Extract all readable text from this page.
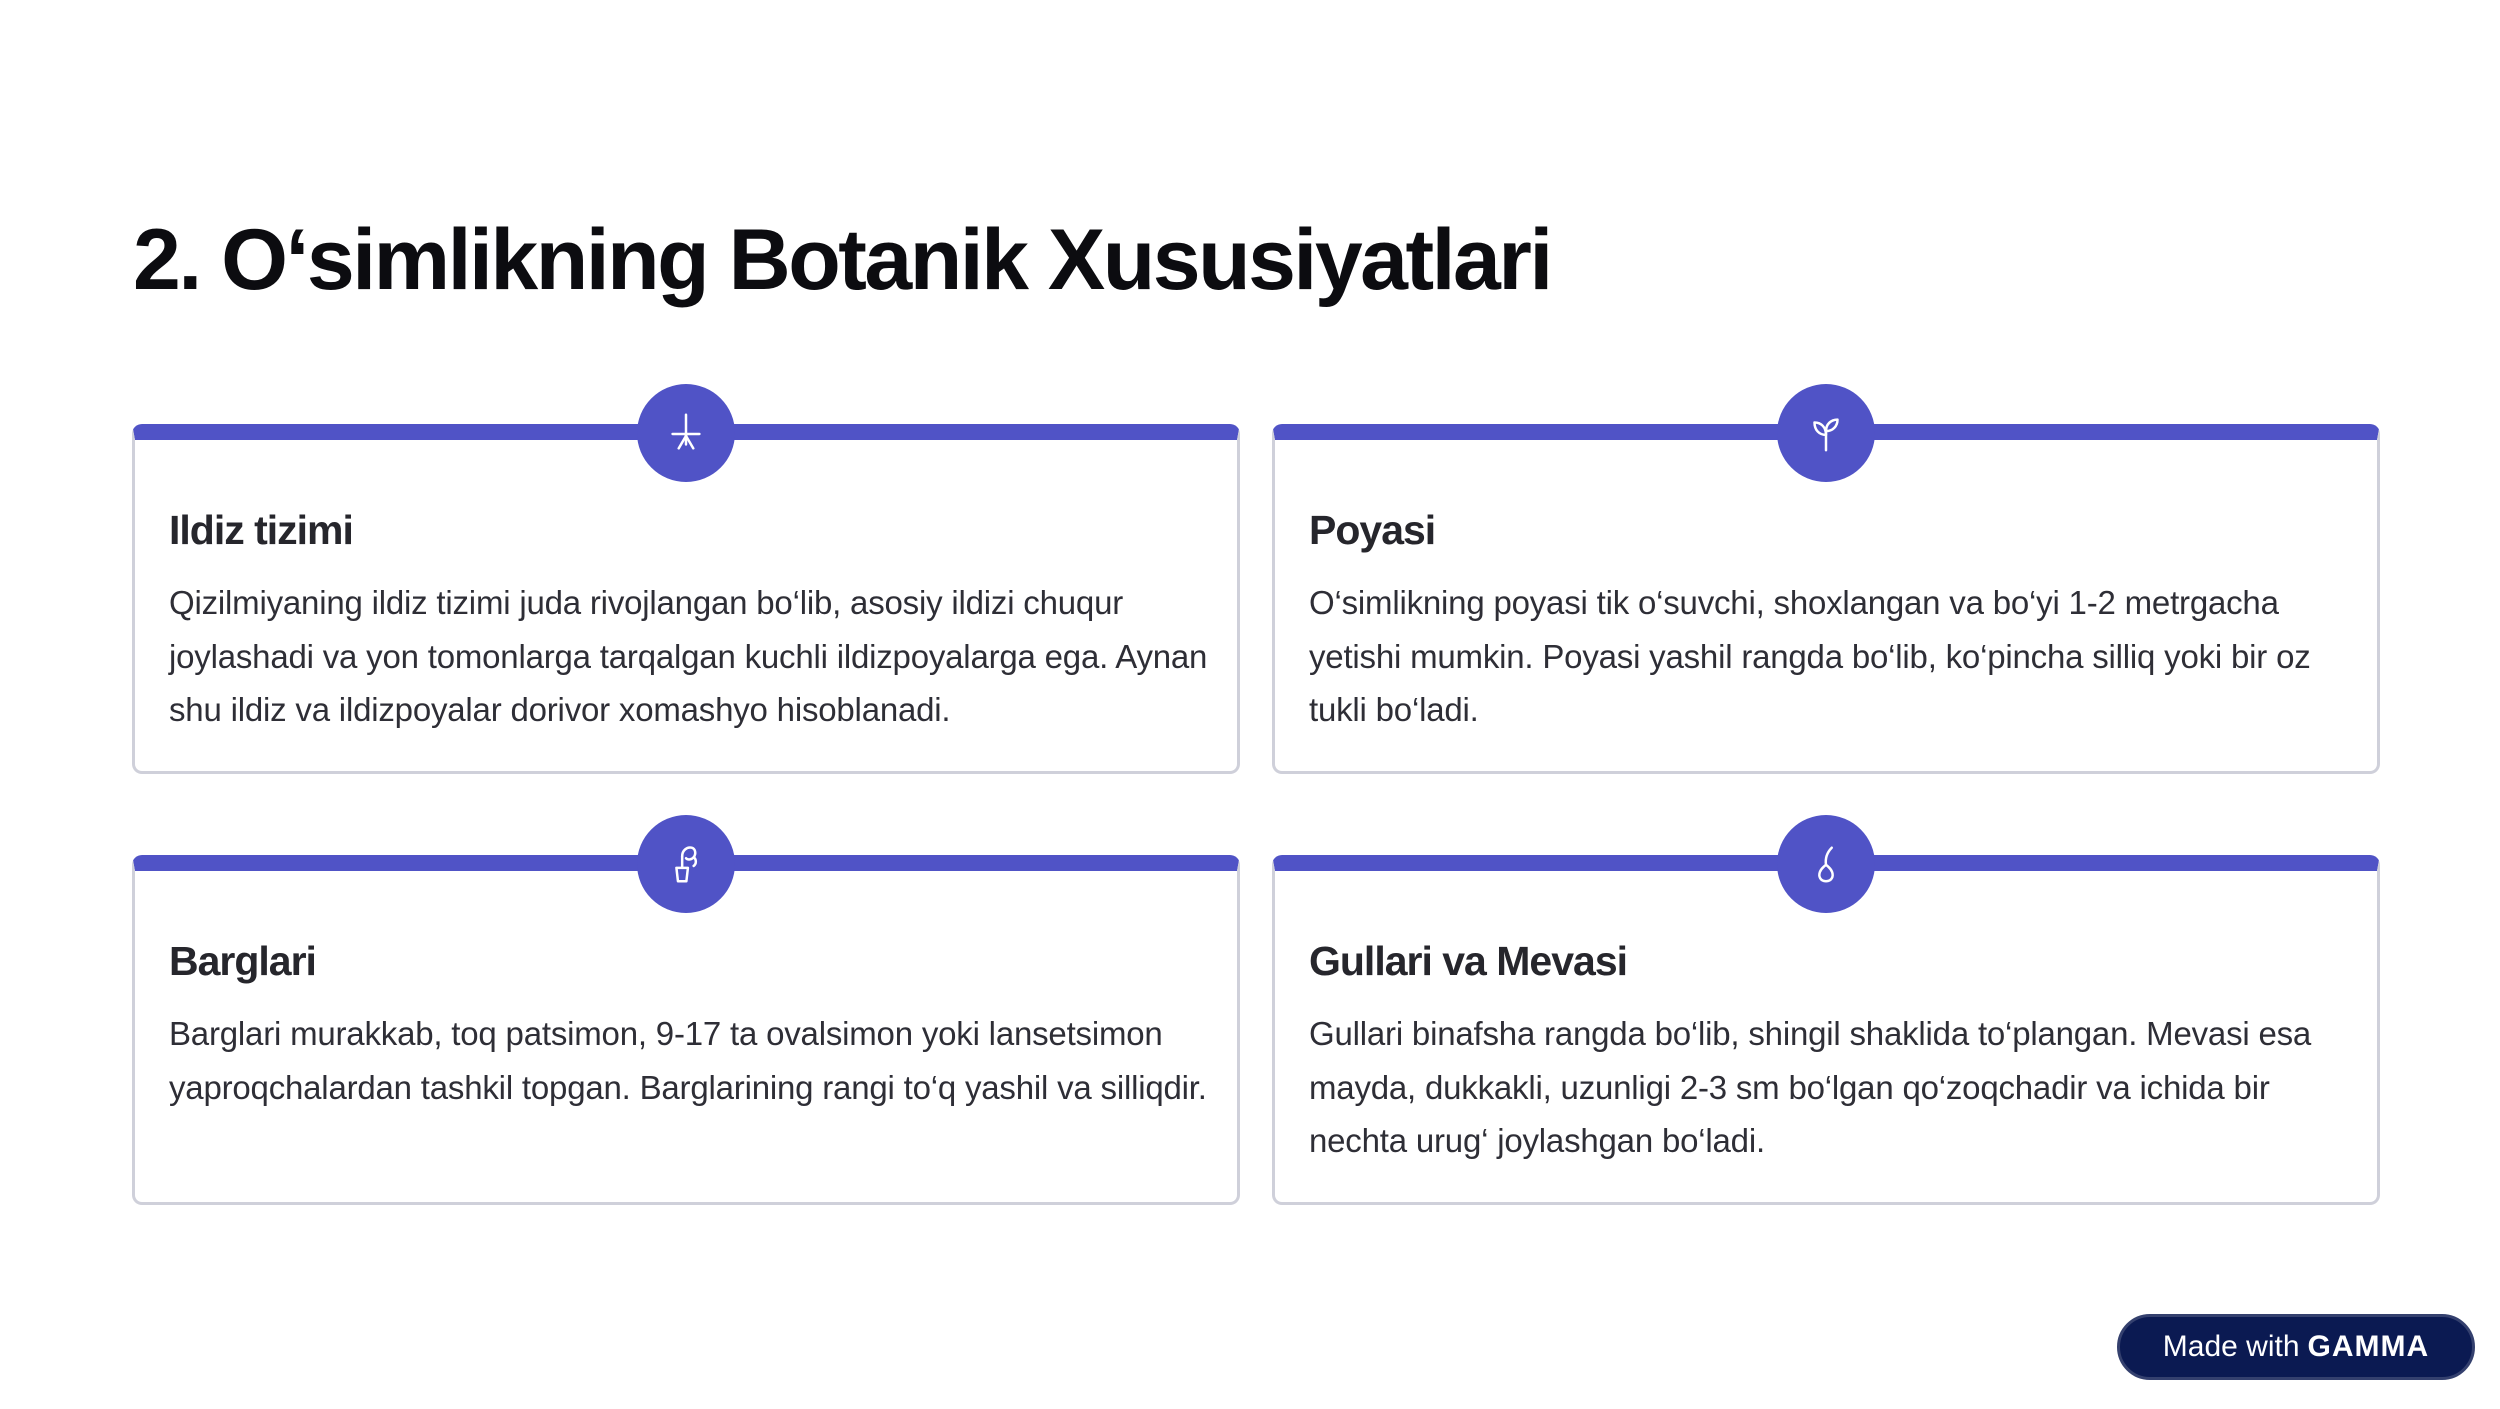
2. O‘simlikning Botanik Xususiyatlari
Ildiz tizimi

Qizilmiyaning ildiz tizimi juda rivojlangan bo‘lib, asosiy ildizi chuqur joylashadi va yon tomonlarga tarqalgan kuchli ildizpoyalarga ega. Aynan shu ildiz va ildizpoyalar dorivor xomashyo hisoblanadi.

Poyasi

O‘simlikning poyasi tik o‘suvchi, shoxlangan va bo‘yi 1-2 metrgacha yetishi mumkin. Poyasi yashil rangda bo‘lib, ko‘pincha silliq yoki bir oz tukli bo‘ladi.

Barglari

Barglari murakkab, toq patsimon, 9-17 ta ovalsimon yoki lansetsimon yaproqchalardan tashkil topgan. Barglarining rangi to‘q yashil va silliqdir.

Gullari va Mevasi

Gullari binafsha rangda bo‘lib, shingil shaklida to‘plangan. Mevasi esa mayda, dukkakli, uzunligi 2-3 sm bo‘lgan qo‘zoqchadir va ichida bir nechta urug‘ joylashgan bo‘ladi.

Made with GAMMA
